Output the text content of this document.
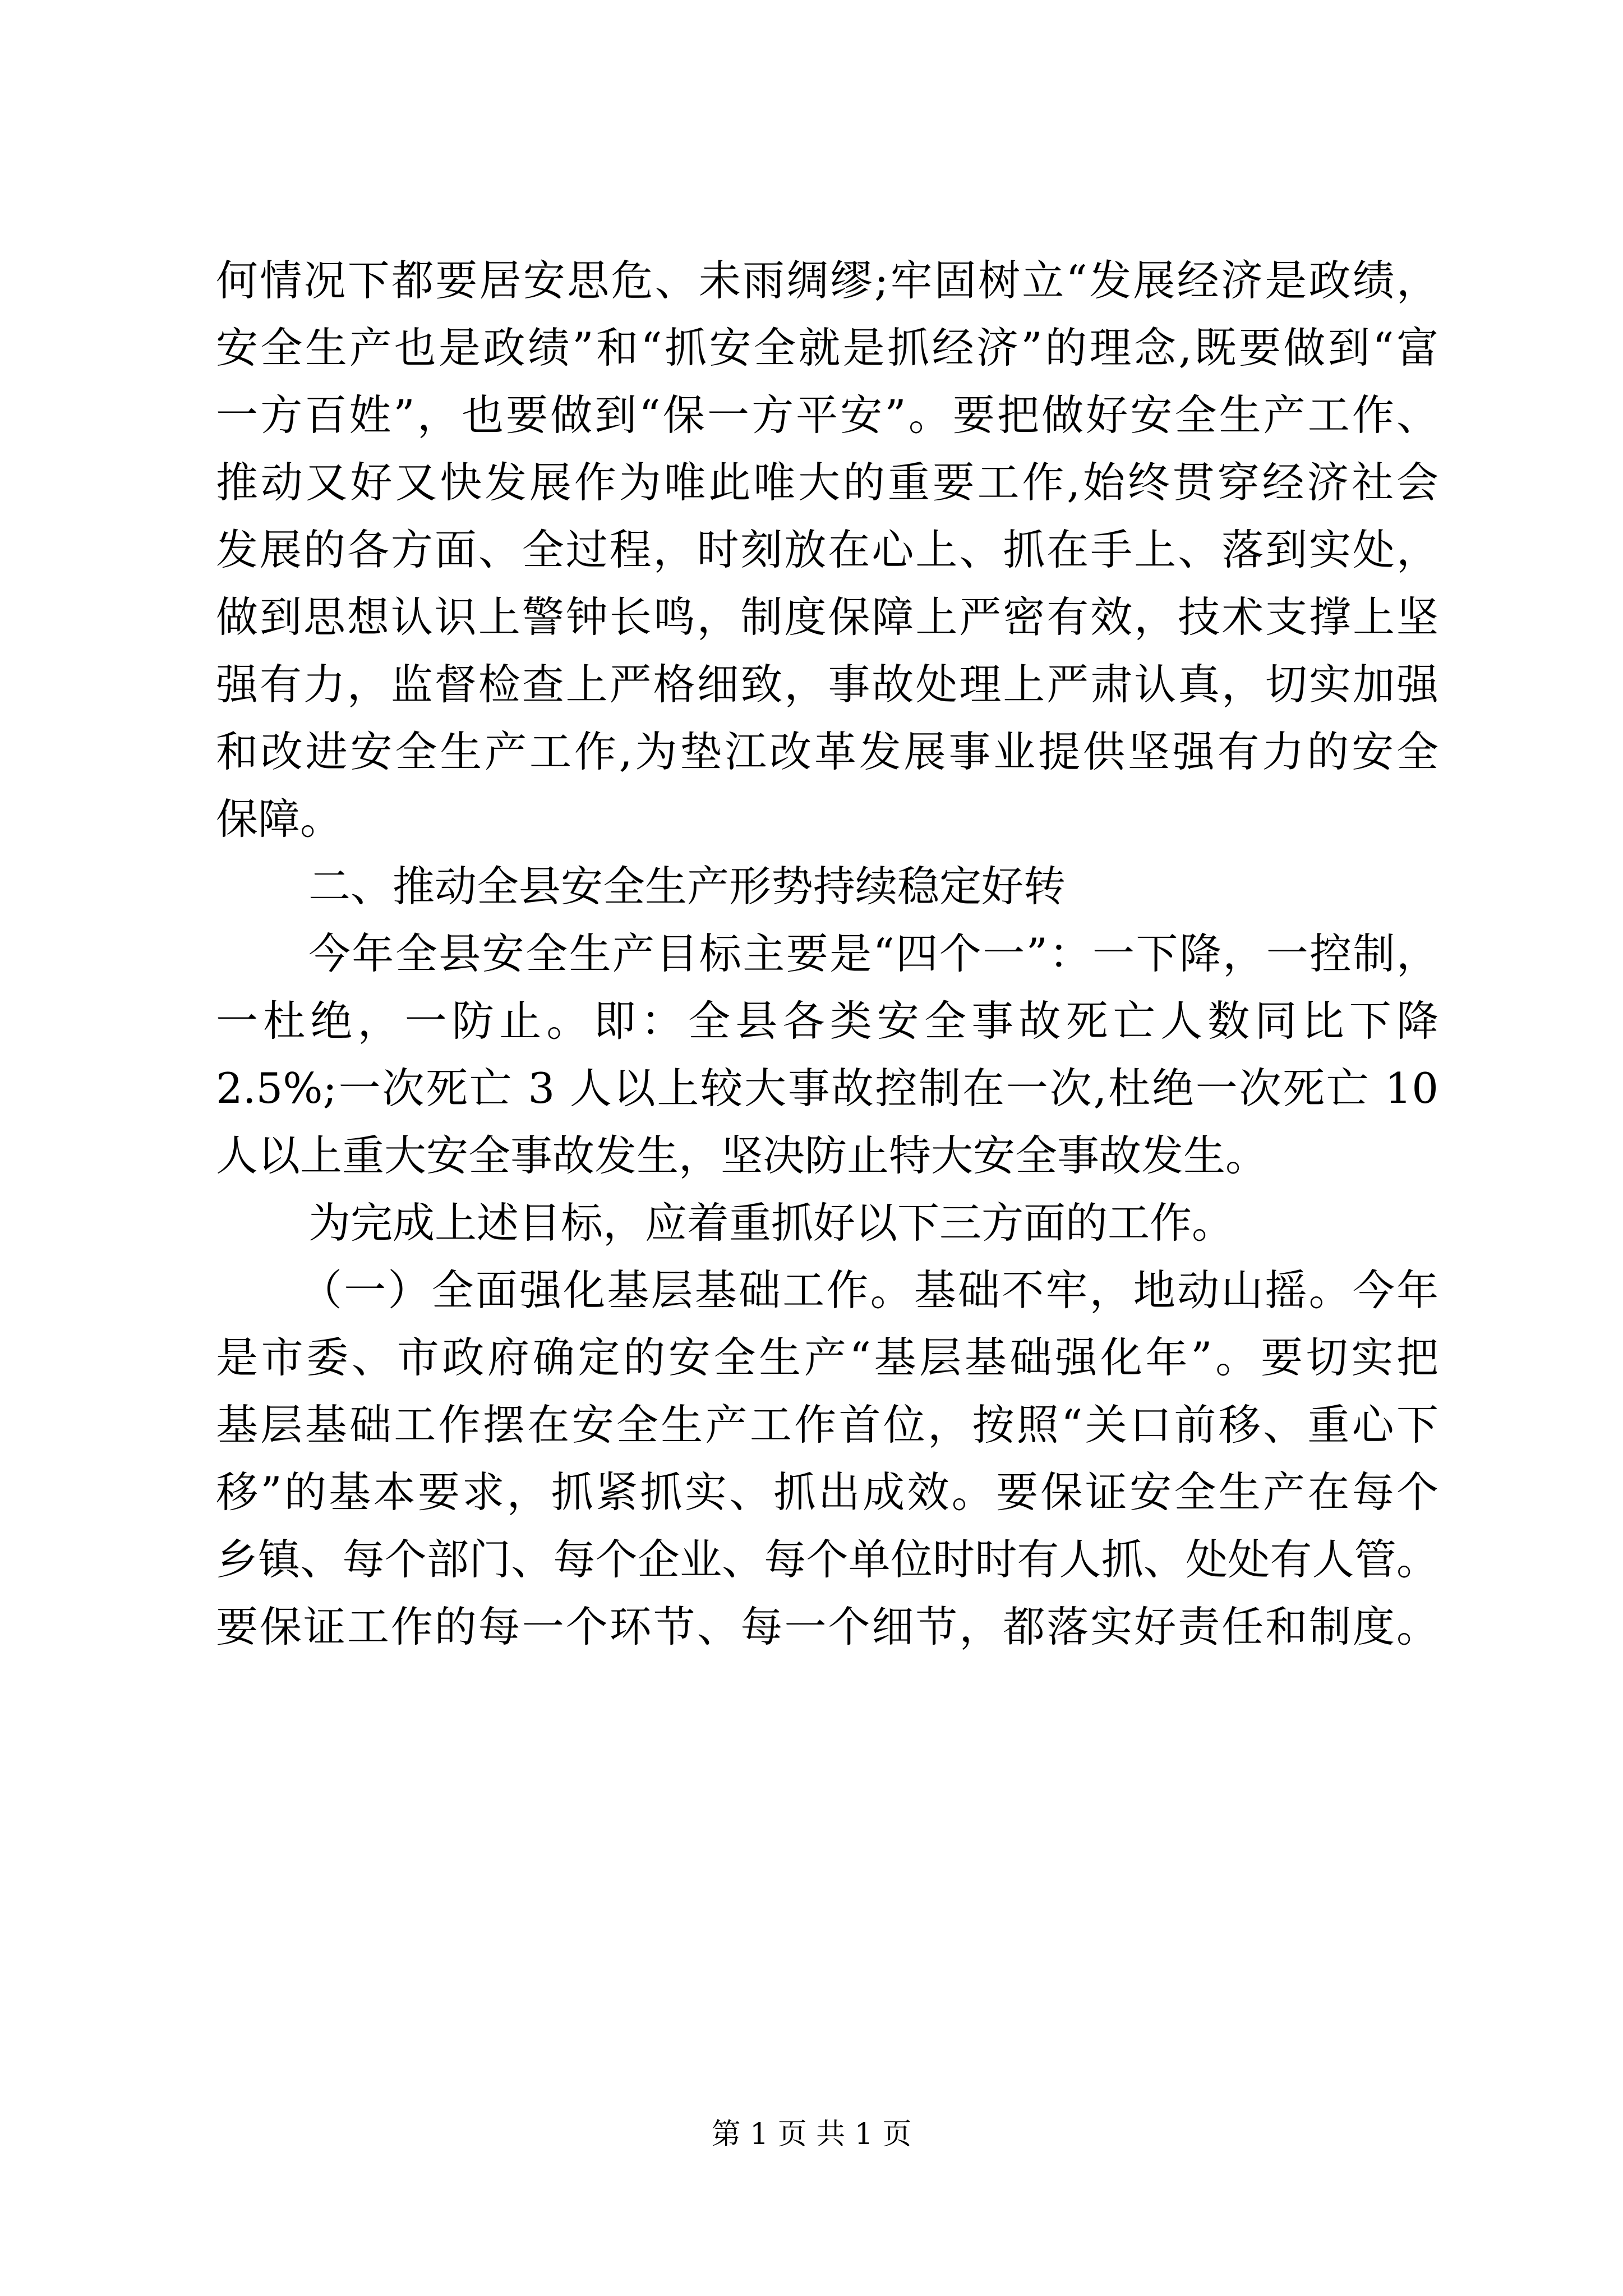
何情况下都要居安思危、未雨绸缪;牢固树立“发展经济是政绩，
安全生产也是政绩”和“抓安全就是抓经济”的理念,既要做到“富
一方百姓”，也要做到“保一方平安”。要把做好安全生产工作、
推动又好又快发展作为唯此唯大的重要工作,始终贯穿经济社会
发展的各方面、全过程，时刻放在心上、抓在手上、落到实处，
做到思想认识上警钟长鸣，制度保障上严密有效，技术支撑上坚
强有力，监督检查上严格细致，事故处理上严肃认真，切实加强
和改进安全生产工作,为垫江改革发展事业提供坚强有力的安全
保障。
二、推动全县安全生产形势持续稳定好转
今年全县安全生产目标主要是“四个一”：一下降，一控制，
一杜绝，一防止。即：全县各类安全事故死亡人数同比下降
2.5%;一次死亡 3 人以上较大事故控制在一次,杜绝一次死亡 10
人以上重大安全事故发生，坚决防止特大安全事故发生。
为完成上述目标，应着重抓好以下三方面的工作。
（一）全面强化基层基础工作。基础不牢，地动山摇。今年
是市委、市政府确定的安全生产“基层基础强化年”。要切实把
基层基础工作摆在安全生产工作首位，按照“关口前移、重心下
移”的基本要求，抓紧抓实、抓出成效。要保证安全生产在每个
乡镇、每个部门、每个企业、每个单位时时有人抓、处处有人管。
要保证工作的每一个环节、每一个细节，都落实好责任和制度。
第 1 页 共 1 页
